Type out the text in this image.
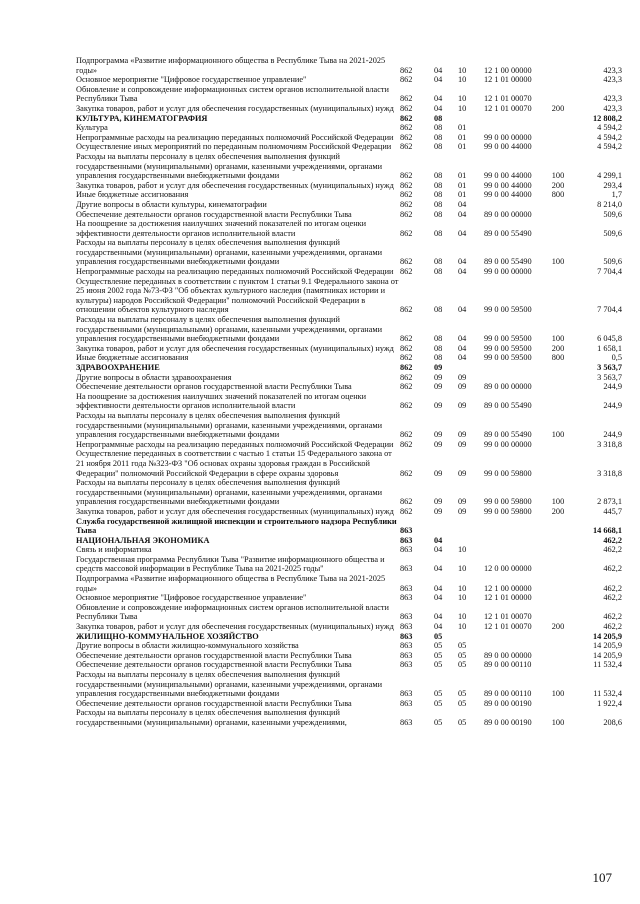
Подпрограмма «Развитие информационного общества в Республике Тыва на 2021-2025 годы»	862	04	10	12 1 00 00000		423,3
Основное мероприятие "Цифровое государственное управление"	862	04	10	12 1 01 00000		423,3
Обновление и сопровождение информационных систем органов исполнительной власти Республики Тыва	862	04	10	12 1 01 00070		423,3
Закупка товаров, работ и услуг для обеспечения государственных (муниципальных) нужд	862	04	10	12 1 01 00070	200	423,3
КУЛЬТУРА, КИНЕМАТОГРАФИЯ	862	08				12 808,2
Культура	862	08	01			4 594,2
Непрограммные расходы на реализацию переданных полномочий Российской Федерации	862	08	01	99 0 00 00000		4 594,2
Осуществление иных мероприятий по переданным полномочиям Российской Федерации	862	08	01	99 0 00 44000		4 594,2
Расходы на выплаты персоналу в целях обеспечения выполнения функций государственными (муниципальными) органами, казенными учреждениями, органами управления государственными внебюджетными фондами	862	08	01	99 0 00 44000	100	4 299,1
Закупка товаров, работ и услуг для обеспечения государственных (муниципальных) нужд	862	08	01	99 0 00 44000	200	293,4
Иные бюджетные ассигнования	862	08	01	99 0 00 44000	800	1,7
Другие вопросы в области культуры, кинематографии	862	08	04			8 214,0
Обеспечение деятельности органов государственной власти Республики Тыва	862	08	04	89 0 00 00000		509,6
На поощрение за достижения наилучших значений показателей по итогам оценки эффективности деятельности органов исполнительной власти	862	08	04	89 0 00 55490		509,6
Расходы на выплаты персоналу в целях обеспечения выполнения функций государственными (муниципальными) органами, казенными учреждениями, органами управления государственными внебюджетными фондами	862	08	04	89 0 00 55490	100	509,6
Непрограммные расходы на реализацию переданных полномочий Российской Федерации	862	08	04	99 0 00 00000		7 704,4
Осуществление переданных в соответствии с пунктом 1 статьи 9.1 Федерального закона от 25 июня 2002 года №73-ФЗ "Об объектах культурного наследия (памятниках истории и культуры) народов Российской Федерации" полномочий Российской Федерации в отношении объектов культурного наследия	862	08	04	99 0 00 59500		7 704,4
Расходы на выплаты персоналу в целях обеспечения выполнения функций государственными (муниципальными) органами, казенными учреждениями, органами управления государственными внебюджетными фондами	862	08	04	99 0 00 59500	100	6 045,8
Закупка товаров, работ и услуг для обеспечения государственных (муниципальных) нужд	862	08	04	99 0 00 59500	200	1 658,1
Иные бюджетные ассигнования	862	08	04	99 0 00 59500	800	0,5
ЗДРАВООХРАНЕНИЕ	862	09				3 563,7
Другие вопросы в области здравоохранения	862	09	09			3 563,7
Обеспечение деятельности органов государственной власти Республики Тыва	862	09	09	89 0 00 00000		244,9
На поощрение за достижения наилучших значений показателей по итогам оценки эффективности деятельности органов исполнительной власти	862	09	09	89 0 00 55490		244,9
Расходы на выплаты персоналу в целях обеспечения выполнения функций государственными (муниципальными) органами, казенными учреждениями, органами управления государственными внебюджетными фондами	862	09	09	89 0 00 55490	100	244,9
Непрограммные расходы на реализацию переданных полномочий Российской Федерации	862	09	09	99 0 00 00000		3 318,8
Осуществление переданных в соответствии с частью 1 статьи 15 Федерального закона от 21 ноября 2011 года №323-ФЗ "Об основах охраны здоровья граждан в Российской Федерации" полномочий Российской Федерации в сфере охраны здоровья	862	09	09	99 0 00 59800		3 318,8
Расходы на выплаты персоналу в целях обеспечения выполнения функций государственными (муниципальными) органами, казенными учреждениями, органами управления государственными внебюджетными фондами	862	09	09	99 0 00 59800	100	2 873,1
Закупка товаров, работ и услуг для обеспечения государственных (муниципальных) нужд	862	09	09	99 0 00 59800	200	445,7
Служба государственной жилищной инспекции и строительного надзора Республики Тыва	863					14 668,1
НАЦИОНАЛЬНАЯ ЭКОНОМИКА	863	04				462,2
Связь и информатика	863	04	10			462,2
Государственная программа Республики Тыва "Развитие информационного общества и средств массовой информации в Республике Тыва на 2021-2025 годы"	863	04	10	12 0 00 00000		462,2
Подпрограмма «Развитие информационного общества в Республике Тыва на 2021-2025 годы»	863	04	10	12 1 00 00000		462,2
Основное мероприятие "Цифровое государственное управление"	863	04	10	12 1 01 00000		462,2
Обновление и сопровождение информационных систем органов исполнительной власти Республики Тыва	863	04	10	12 1 01 00070		462,2
Закупка товаров, работ и услуг для обеспечения государственных (муниципальных) нужд	863	04	10	12 1 01 00070	200	462,2
ЖИЛИЩНО-КОММУНАЛЬНОЕ ХОЗЯЙСТВО	863	05				14 205,9
Другие вопросы в области жилищно-коммунального хозяйства	863	05	05			14 205,9
Обеспечение деятельности органов государственной власти Республики Тыва	863	05	05	89 0 00 00000		14 205,9
Обеспечение деятельности органов государственной власти Республики Тыва	863	05	05	89 0 00 00110		11 532,4
Расходы на выплаты персоналу в целях обеспечения выполнения функций государственными (муниципальными) органами, казенными учреждениями, органами управления государственными внебюджетными фондами	863	05	05	89 0 00 00110	100	11 532,4
Обеспечение деятельности органов государственной власти Республики Тыва	863	05	05	89 0 00 00190		1 922,4
Расходы на выплаты персоналу в целях обеспечения выполнения функций государственными (муниципальными) органами, казенными учреждениями,	863	05	05	89 0 00 00190	100	208,6
107
